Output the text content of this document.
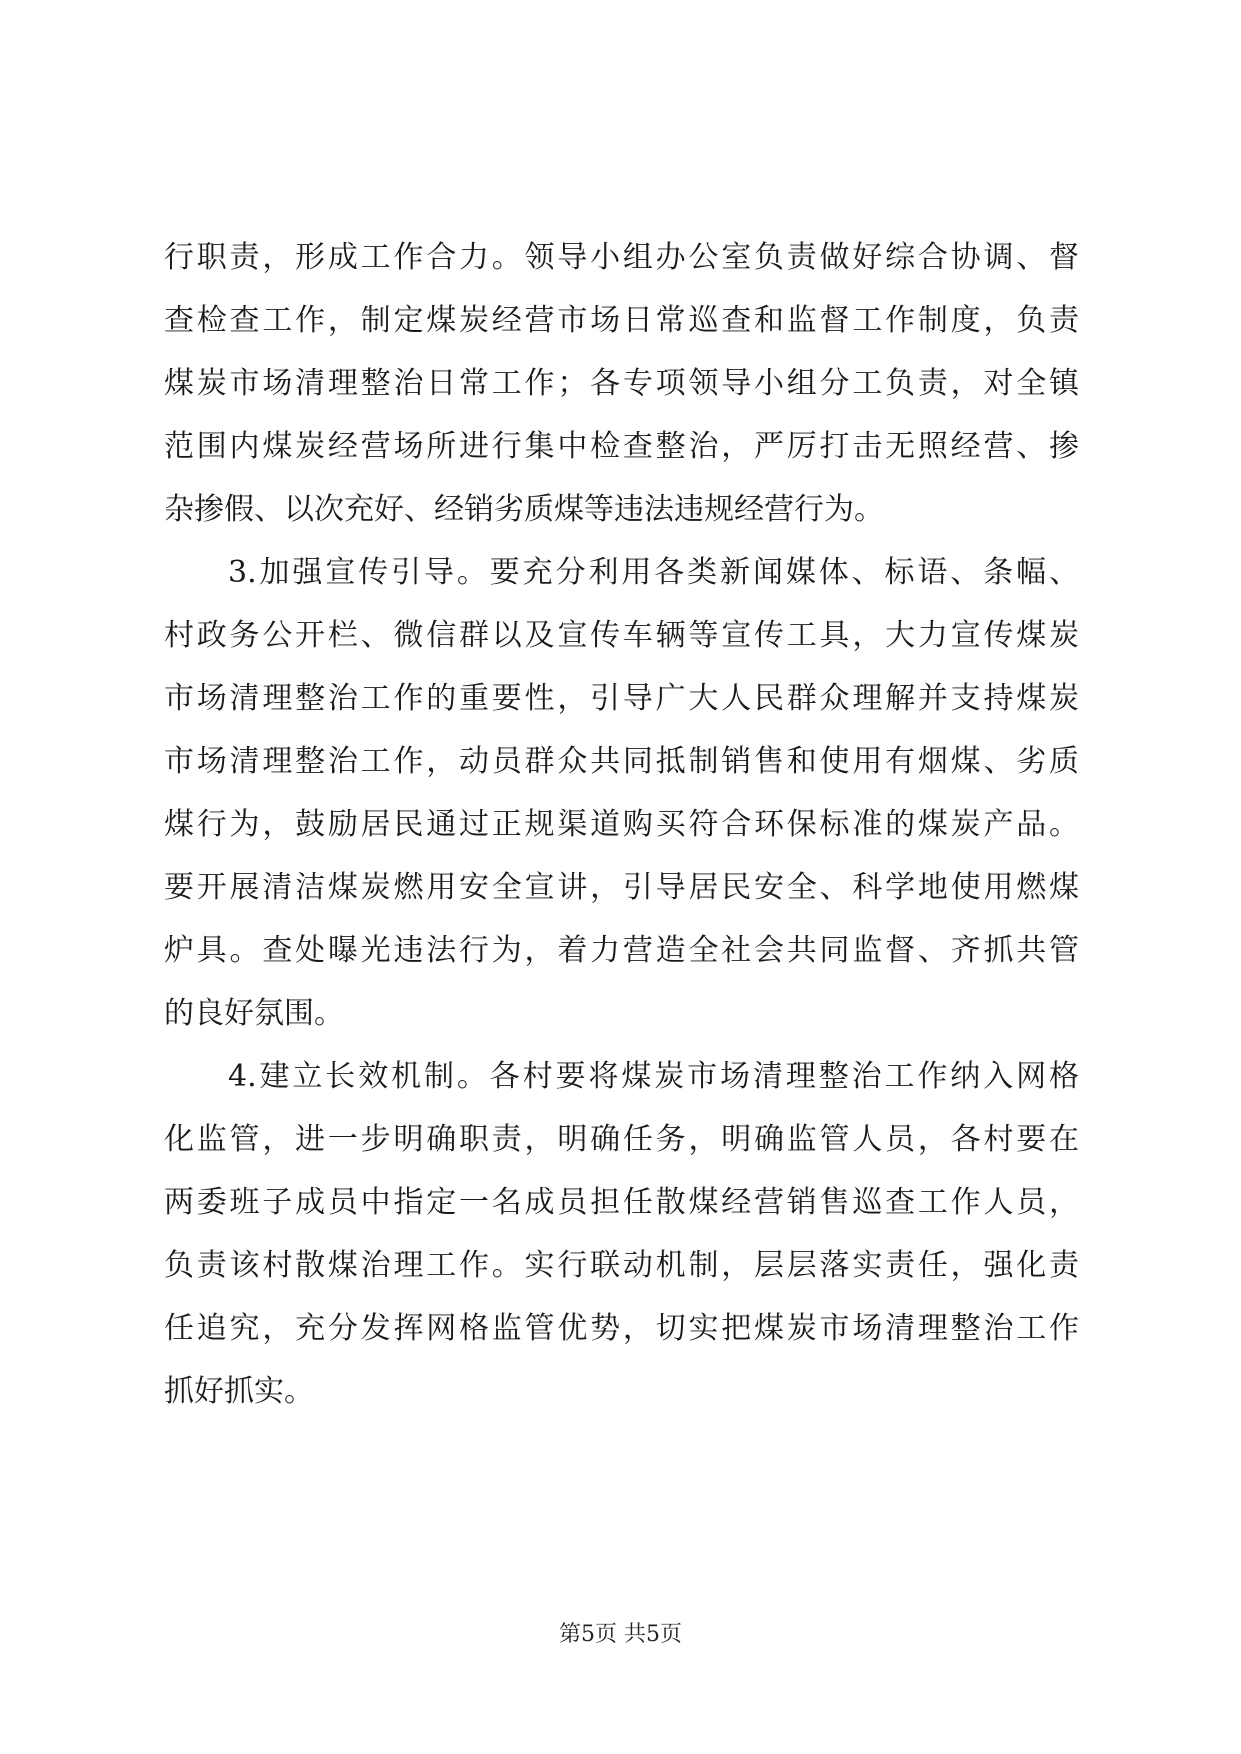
行职责，形成工作合力。领导小组办公室负责做好综合协调、督
查检查工作，制定煤炭经营市场日常巡查和监督工作制度，负责
煤炭市场清理整治日常工作；各专项领导小组分工负责，对全镇
范围内煤炭经营场所进行集中检查整治，严厉打击无照经营、掺
杂掺假、以次充好、经销劣质煤等违法违规经营行为。
3.加强宣传引导。要充分利用各类新闻媒体、标语、条幅、
村政务公开栏、微信群以及宣传车辆等宣传工具，大力宣传煤炭
市场清理整治工作的重要性，引导广大人民群众理解并支持煤炭
市场清理整治工作，动员群众共同抵制销售和使用有烟煤、劣质
煤行为，鼓励居民通过正规渠道购买符合环保标准的煤炭产品。
要开展清洁煤炭燃用安全宣讲，引导居民安全、科学地使用燃煤
炉具。查处曝光违法行为，着力营造全社会共同监督、齐抓共管
的良好氛围。
4.建立长效机制。各村要将煤炭市场清理整治工作纳入网格
化监管，进一步明确职责，明确任务，明确监管人员，各村要在
两委班子成员中指定一名成员担任散煤经营销售巡查工作人员，
负责该村散煤治理工作。实行联动机制，层层落实责任，强化责
任追究，充分发挥网格监管优势，切实把煤炭市场清理整治工作
抓好抓实。
第5页 共5页
